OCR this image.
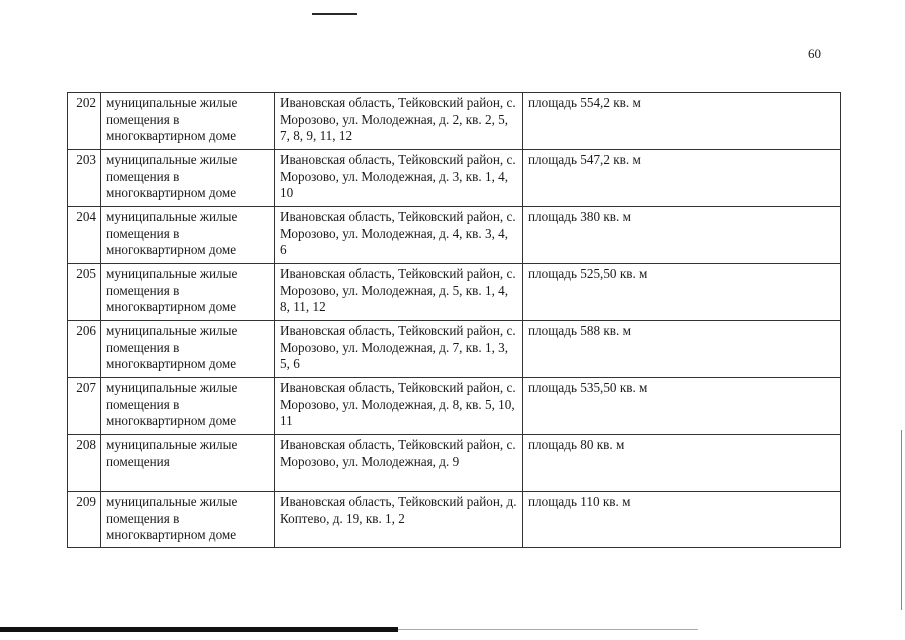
60
202	муниципальные жилые помещения в многоквартирном доме	Ивановская область, Тейковский район, с. Морозово, ул. Молодежная, д. 2, кв. 2, 5, 7, 8, 9, 11, 12	площадь 554,2 кв. м
203	муниципальные жилые помещения в многоквартирном доме	Ивановская область, Тейковский район, с. Морозово, ул. Молодежная, д. 3, кв. 1, 4, 10	площадь 547,2 кв. м
204	муниципальные жилые помещения в многоквартирном доме	Ивановская область, Тейковский район, с. Морозово, ул. Молодежная, д. 4, кв. 3, 4, 6	площадь 380 кв. м
205	муниципальные жилые помещения в многоквартирном доме	Ивановская область, Тейковский район, с. Морозово, ул. Молодежная, д. 5, кв. 1, 4, 8, 11, 12	площадь 525,50 кв. м
206	муниципальные жилые помещения в многоквартирном доме	Ивановская область, Тейковский район, с. Морозово, ул. Молодежная, д. 7, кв. 1, 3, 5, 6	площадь 588 кв. м
207	муниципальные жилые помещения в многоквартирном доме	Ивановская область, Тейковский район, с. Морозово, ул. Молодежная, д. 8, кв. 5, 10, 11	площадь 535,50 кв. м
208	муниципальные жилые помещения	Ивановская область, Тейковский район, с. Морозово, ул. Молодежная, д. 9	площадь 80 кв. м
209	муниципальные жилые помещения в многоквартирном доме	Ивановская область, Тейковский район, д. Коптево, д. 19, кв. 1, 2	площадь 110 кв. м
